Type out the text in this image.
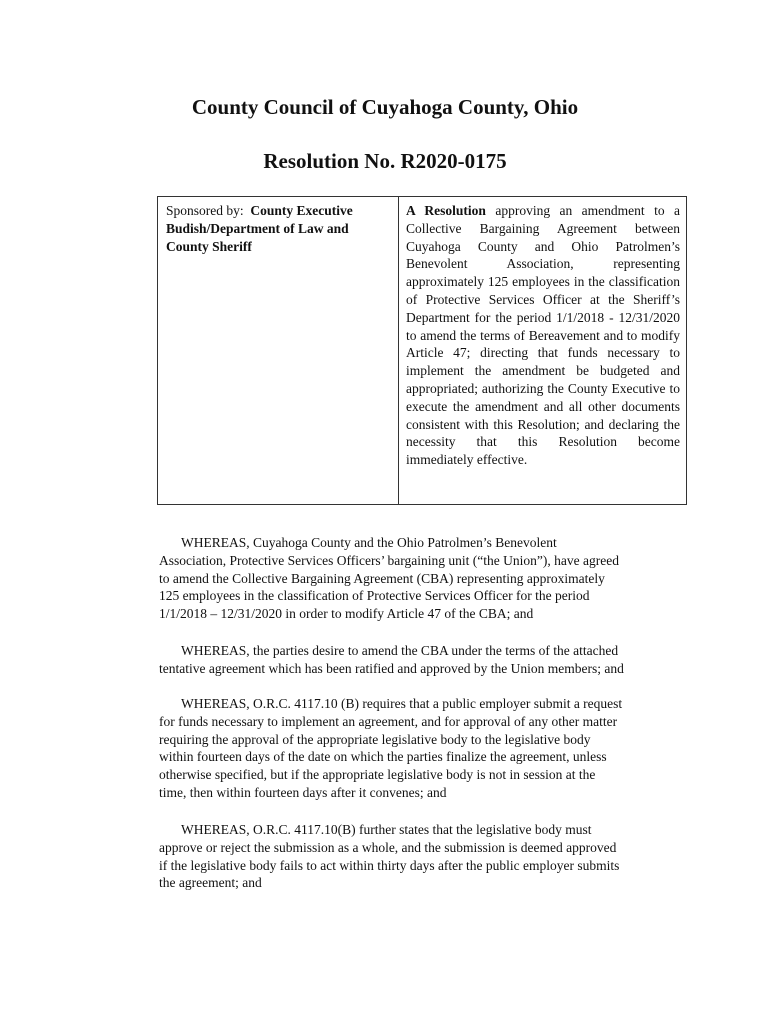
County Council of Cuyahoga County, Ohio
Resolution No. R2020-0175
Sponsored by: County Executive Budish/Department of Law and County Sheriff
A Resolution approving an amendment to a Collective Bargaining Agreement between Cuyahoga County and Ohio Patrolmen’s Benevolent Association, representing approximately 125 employees in the classification of Protective Services Officer at the Sheriff’s Department for the period 1/1/2018 - 12/31/2020 to amend the terms of Bereavement and to modify Article 47; directing that funds necessary to implement the amendment be budgeted and appropriated; authorizing the County Executive to execute the amendment and all other documents consistent with this Resolution; and declaring the necessity that this Resolution become immediately effective.
WHEREAS, Cuyahoga County and the Ohio Patrolmen’s Benevolent
Association, Protective Services Officers’ bargaining unit (“the Union”), have agreed
to amend the Collective Bargaining Agreement (CBA) representing approximately
125 employees in the classification of Protective Services Officer for the period
1/1/2018 – 12/31/2020 in order to modify Article 47 of the CBA; and
WHEREAS, the parties desire to amend the CBA under the terms of the attached
tentative agreement which has been ratified and approved by the Union members; and
WHEREAS, O.R.C. 4117.10 (B) requires that a public employer submit a request
for funds necessary to implement an agreement, and for approval of any other matter
requiring the approval of the appropriate legislative body to the legislative body
within fourteen days of the date on which the parties finalize the agreement, unless
otherwise specified, but if the appropriate legislative body is not in session at the
time, then within fourteen days after it convenes; and
WHEREAS, O.R.C. 4117.10(B) further states that the legislative body must
approve or reject the submission as a whole, and the submission is deemed approved
if the legislative body fails to act within thirty days after the public employer submits
the agreement; and
